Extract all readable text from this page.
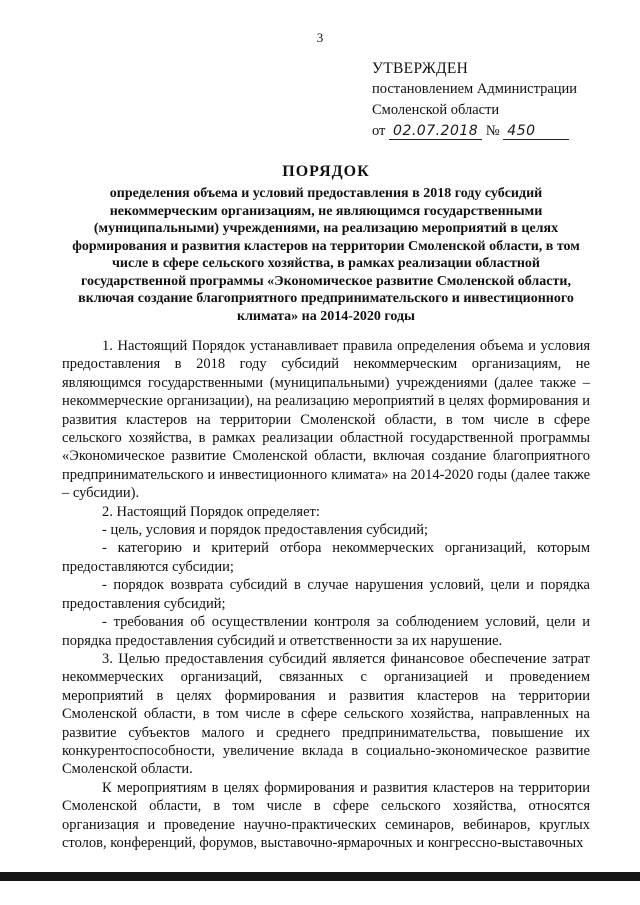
3
УТВЕРЖДЕН
постановлением Администрации
Смоленской области
от 02.07.2018 № 450
ПОРЯДОК
определения объема и условий предоставления в 2018 году субсидий некоммерческим организациям, не являющимся государственными (муниципальными) учреждениями, на реализацию мероприятий в целях формирования и развития кластеров на территории Смоленской области, в том числе в сфере сельского хозяйства, в рамках реализации областной государственной программы «Экономическое развитие Смоленской области, включая создание благоприятного предпринимательского и инвестиционного климата» на 2014-2020 годы

1. Настоящий Порядок устанавливает правила определения объема и условия предоставления в 2018 году субсидий некоммерческим организациям, не являющимся государственными (муниципальными) учреждениями (далее также – некоммерческие организации), на реализацию мероприятий в целях формирования и развития кластеров на территории Смоленской области, в том числе в сфере сельского хозяйства, в рамках реализации областной государственной программы «Экономическое развитие Смоленской области, включая создание благоприятного предпринимательского и инвестиционного климата» на 2014-2020 годы (далее также – субсидии).

2. Настоящий Порядок определяет:

- цель, условия и порядок предоставления субсидий;

- категорию и критерий отбора некоммерческих организаций, которым предоставляются субсидии;

- порядок возврата субсидий в случае нарушения условий, цели и порядка предоставления субсидий;

- требования об осуществлении контроля за соблюдением условий, цели и порядка предоставления субсидий и ответственности за их нарушение.

3. Целью предоставления субсидий является финансовое обеспечение затрат некоммерческих организаций, связанных с организацией и проведением мероприятий в целях формирования и развития кластеров на территории Смоленской области, в том числе в сфере сельского хозяйства, направленных на развитие субъектов малого и среднего предпринимательства, повышение их конкурентоспособности, увеличение вклада в социально-экономическое развитие Смоленской области.

К мероприятиям в целях формирования и развития кластеров на территории Смоленской области, в том числе в сфере сельского хозяйства, относятся организация и проведение научно-практических семинаров, вебинаров, круглых столов, конференций, форумов, выставочно-ярмарочных и конгрессно-выставочных
